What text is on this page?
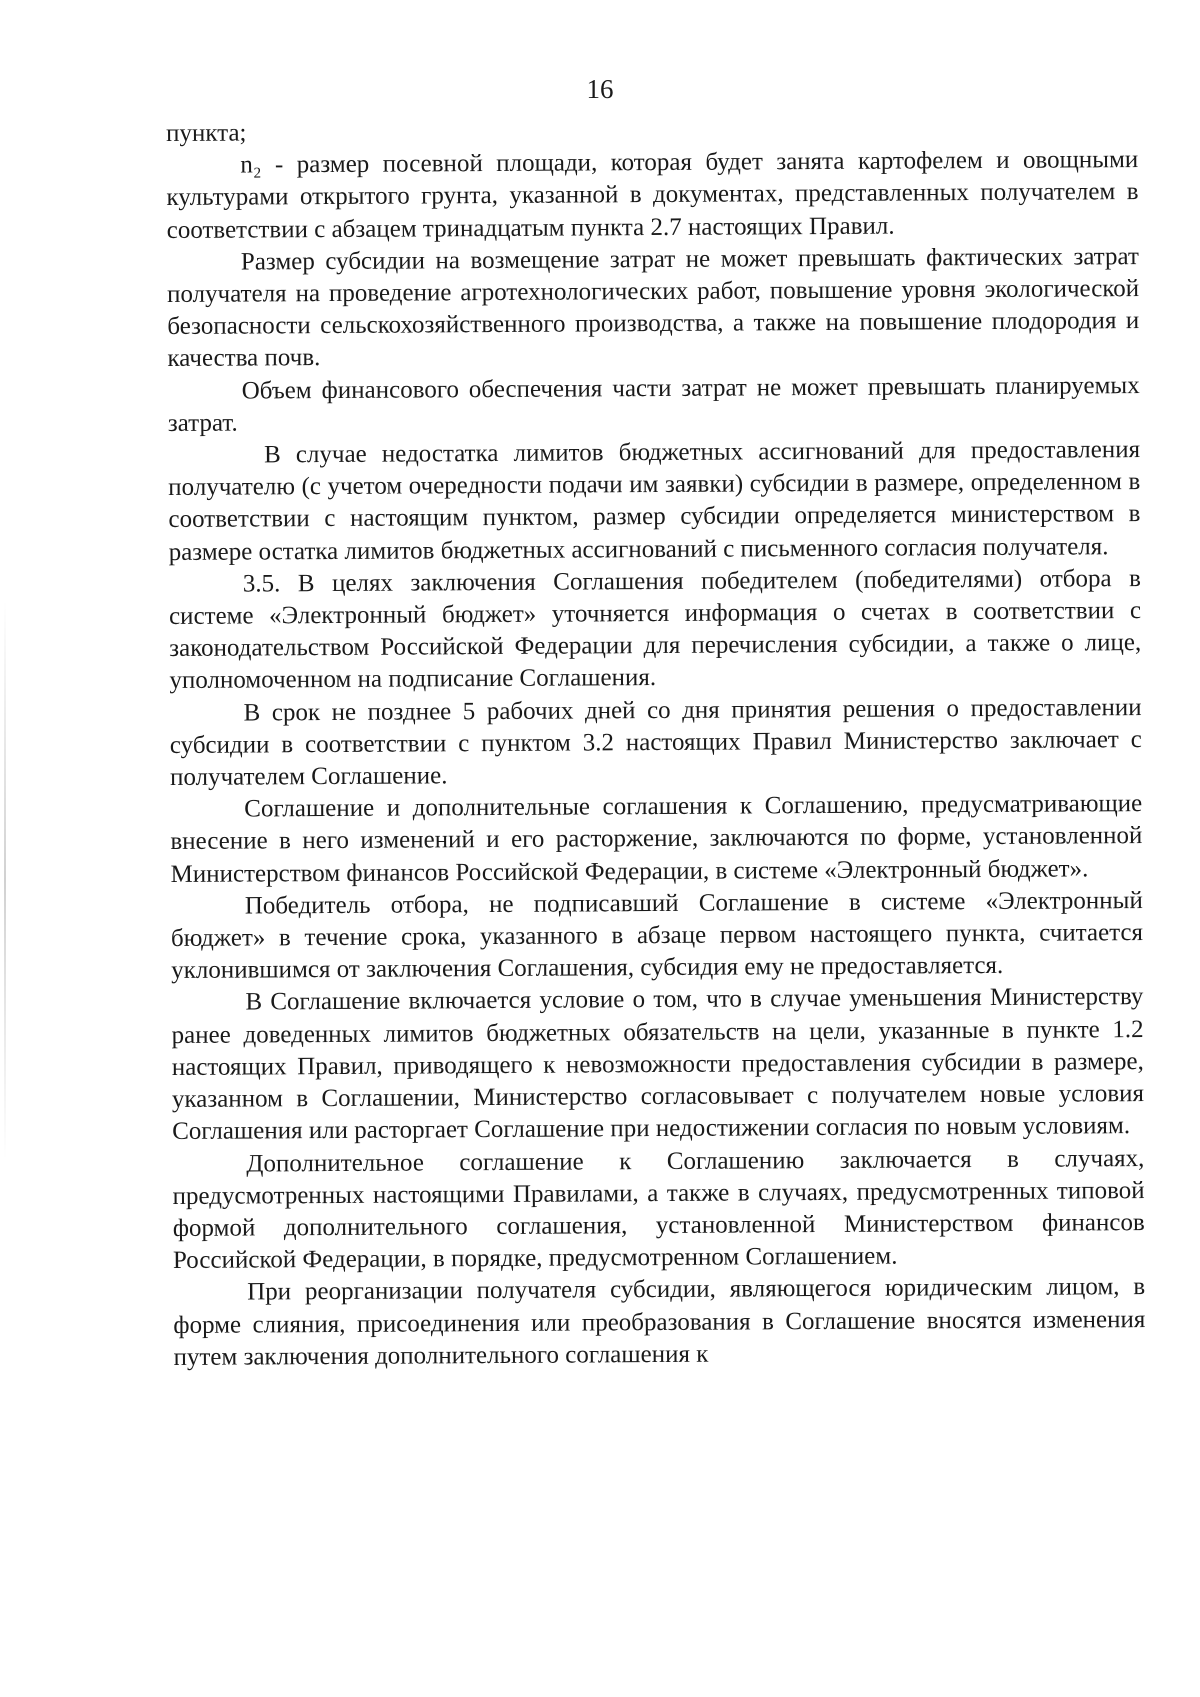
16

пункта;

n₂ - размер посевной площади, которая будет занята картофелем и овощными культурами открытого грунта, указанной в документах, представленных получателем в соответствии с абзацем тринадцатым пункта 2.7 настоящих Правил.

Размер субсидии на возмещение затрат не может превышать фактических затрат получателя на проведение агротехнологических работ, повышение уровня экологической безопасности сельскохозяйственного производства, а также на повышение плодородия и качества почв.

Объем финансового обеспечения части затрат не может превышать планируемых затрат.

В случае недостатка лимитов бюджетных ассигнований для предоставления получателю (с учетом очередности подачи им заявки) субсидии в размере, определенном в соответствии с настоящим пунктом, размер субсидии определяется министерством в размере остатка лимитов бюджетных ассигнований с письменного согласия получателя.

3.5. В целях заключения Соглашения победителем (победителями) отбора в системе «Электронный бюджет» уточняется информация о счетах в соответствии с законодательством Российской Федерации для перечисления субсидии, а также о лице, уполномоченном на подписание Соглашения.

В срок не позднее 5 рабочих дней со дня принятия решения о предоставлении субсидии в соответствии с пунктом 3.2 настоящих Правил Министерство заключает с получателем Соглашение.

Соглашение и дополнительные соглашения к Соглашению, предусматривающие внесение в него изменений и его расторжение, заключаются по форме, установленной Министерством финансов Российской Федерации, в системе «Электронный бюджет».

Победитель отбора, не подписавший Соглашение в системе «Электронный бюджет» в течение срока, указанного в абзаце первом настоящего пункта, считается уклонившимся от заключения Соглашения, субсидия ему не предоставляется.

В Соглашение включается условие о том, что в случае уменьшения Министерству ранее доведенных лимитов бюджетных обязательств на цели, указанные в пункте 1.2 настоящих Правил, приводящего к невозможности предоставления субсидии в размере, указанном в Соглашении, Министерство согласовывает с получателем новые условия Соглашения или расторгает Соглашение при недостижении согласия по новым условиям.

Дополнительное соглашение к Соглашению заключается в случаях, предусмотренных настоящими Правилами, а также в случаях, предусмотренных типовой формой дополнительного соглашения, установленной Министерством финансов Российской Федерации, в порядке, предусмотренном Соглашением.

При реорганизации получателя субсидии, являющегося юридическим лицом, в форме слияния, присоединения или преобразования в Соглашение вносятся изменения путем заключения дополнительного соглашения к
